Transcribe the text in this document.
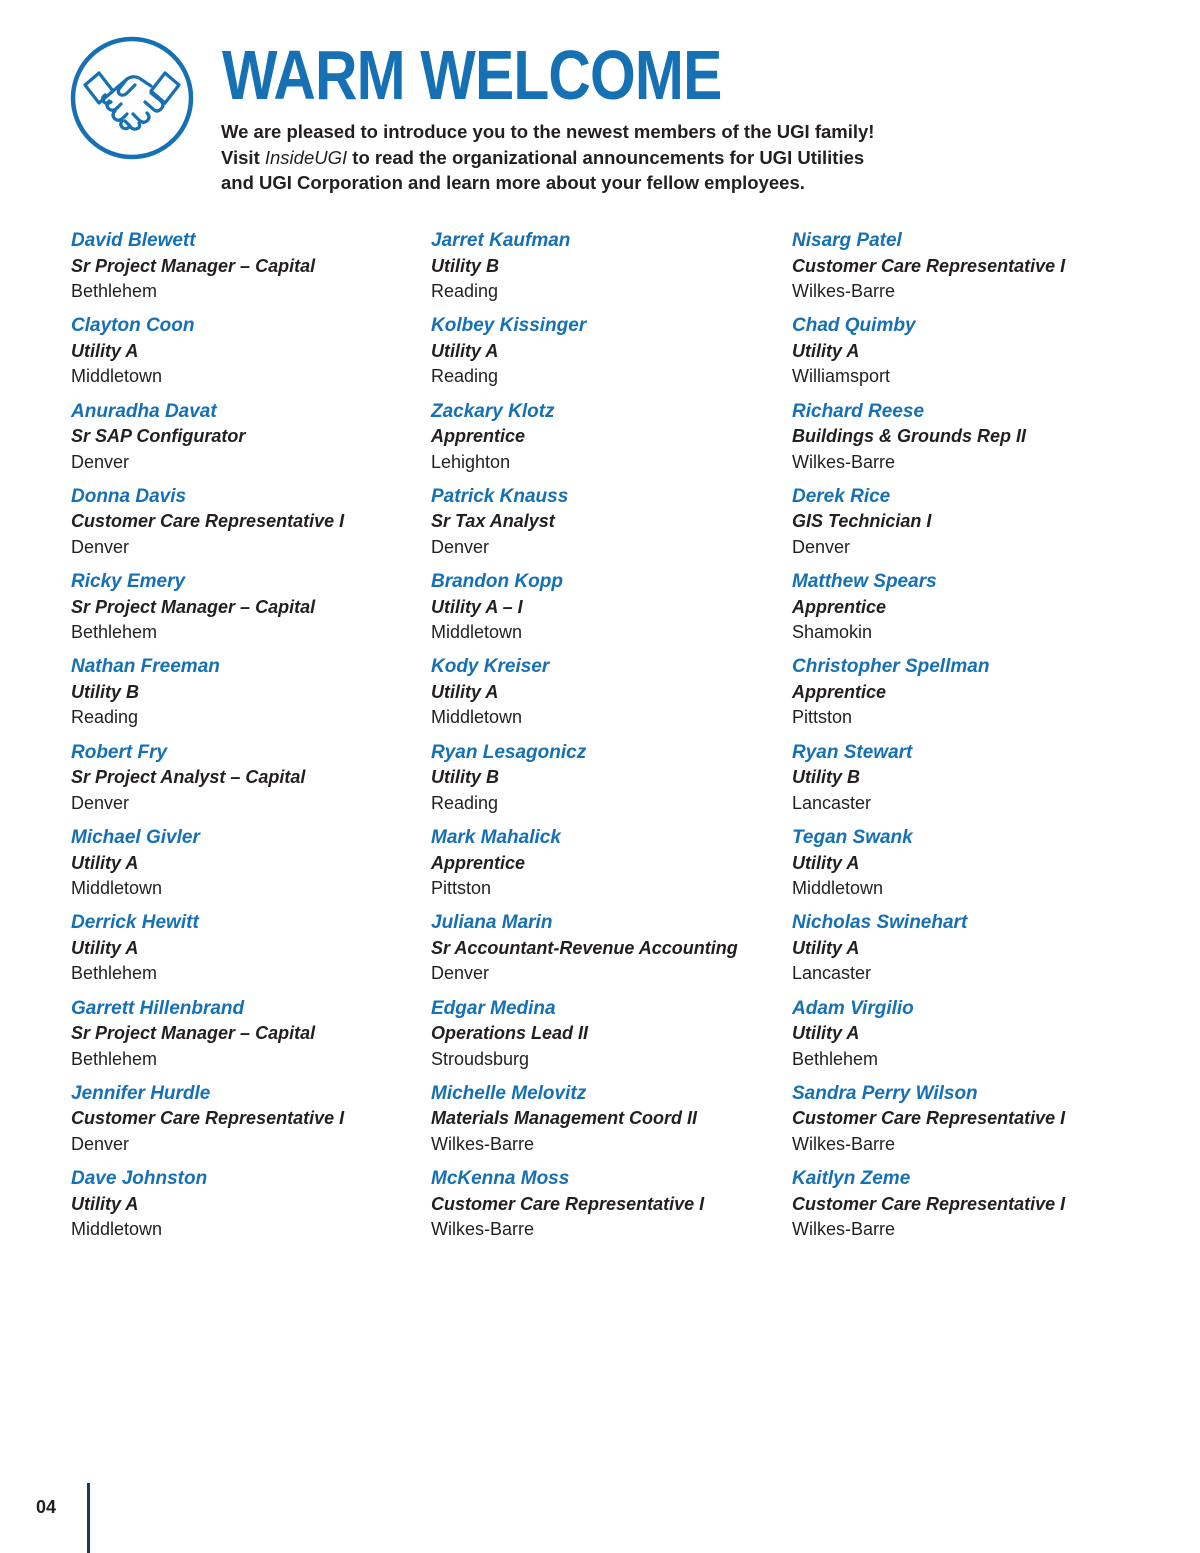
WARM WELCOME
We are pleased to introduce you to the newest members of the UGI family!
Visit InsideUGI to read the organizational announcements for UGI Utilities
and UGI Corporation and learn more about your fellow employees.
David Blewett
Sr Project Manager – Capital
Bethlehem
Clayton Coon
Utility A
Middletown
Anuradha Davat
Sr SAP Configurator
Denver
Donna Davis
Customer Care Representative I
Denver
Ricky Emery
Sr Project Manager – Capital
Bethlehem
Nathan Freeman
Utility B
Reading
Robert Fry
Sr Project Analyst – Capital
Denver
Michael Givler
Utility A
Middletown
Derrick Hewitt
Utility A
Bethlehem
Garrett Hillenbrand
Sr Project Manager – Capital
Bethlehem
Jennifer Hurdle
Customer Care Representative I
Denver
Dave Johnston
Utility A
Middletown
Jarret Kaufman
Utility B
Reading
Kolbey Kissinger
Utility A
Reading
Zackary Klotz
Apprentice
Lehighton
Patrick Knauss
Sr Tax Analyst
Denver
Brandon Kopp
Utility A – I
Middletown
Kody Kreiser
Utility A
Middletown
Ryan Lesagonicz
Utility B
Reading
Mark Mahalick
Apprentice
Pittston
Juliana Marin
Sr Accountant-Revenue Accounting
Denver
Edgar Medina
Operations Lead II
Stroudsburg
Michelle Melovitz
Materials Management Coord II
Wilkes-Barre
McKenna Moss
Customer Care Representative I
Wilkes-Barre
Nisarg Patel
Customer Care Representative I
Wilkes-Barre
Chad Quimby
Utility A
Williamsport
Richard Reese
Buildings & Grounds Rep II
Wilkes-Barre
Derek Rice
GIS Technician I
Denver
Matthew Spears
Apprentice
Shamokin
Christopher Spellman
Apprentice
Pittston
Ryan Stewart
Utility B
Lancaster
Tegan Swank
Utility A
Middletown
Nicholas Swinehart
Utility A
Lancaster
Adam Virgilio
Utility A
Bethlehem
Sandra Perry Wilson
Customer Care Representative I
Wilkes-Barre
Kaitlyn Zeme
Customer Care Representative I
Wilkes-Barre
04
